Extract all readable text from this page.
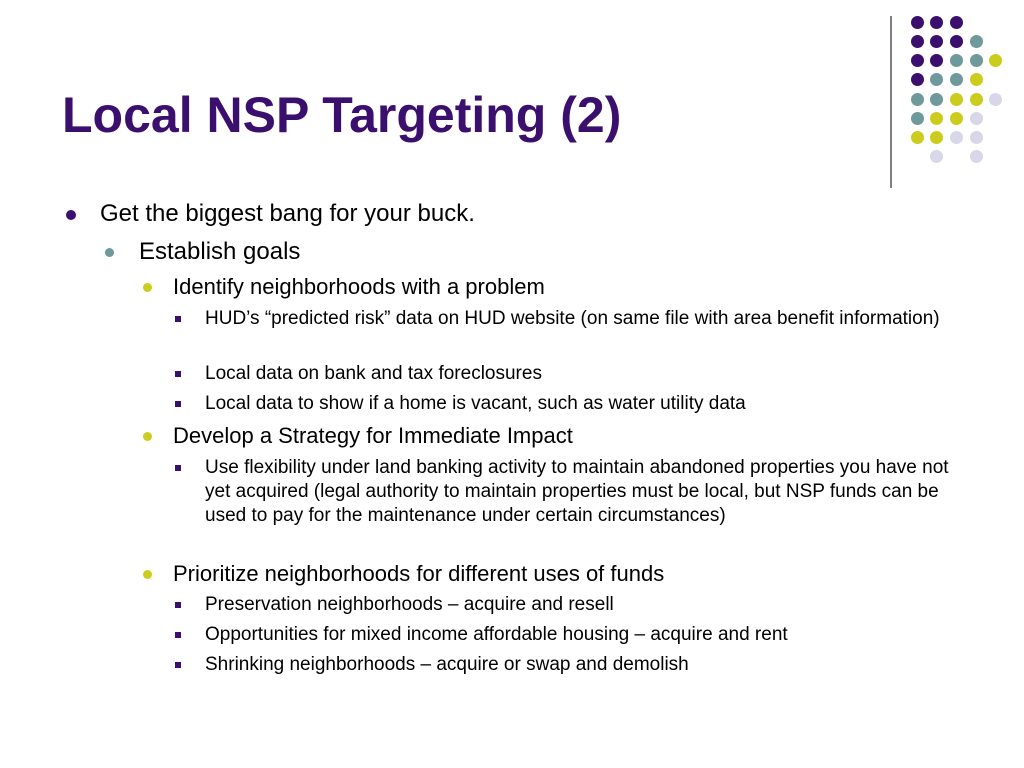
Local NSP Targeting (2)
Get the biggest bang for your buck.
Establish goals
Identify neighborhoods with a problem
HUD’s “predicted risk” data on HUD website (on same file with area benefit information)
Local data on bank and tax foreclosures
Local data to show if a home is vacant, such as water utility data
Develop a Strategy for Immediate Impact
Use flexibility under land banking activity to maintain abandoned properties you have not yet acquired (legal authority to maintain properties must be local, but NSP funds can be used to pay for the maintenance under certain circumstances)
Prioritize neighborhoods for different uses of funds
Preservation neighborhoods – acquire and resell
Opportunities for mixed income affordable housing – acquire and rent
Shrinking neighborhoods – acquire or swap and demolish
